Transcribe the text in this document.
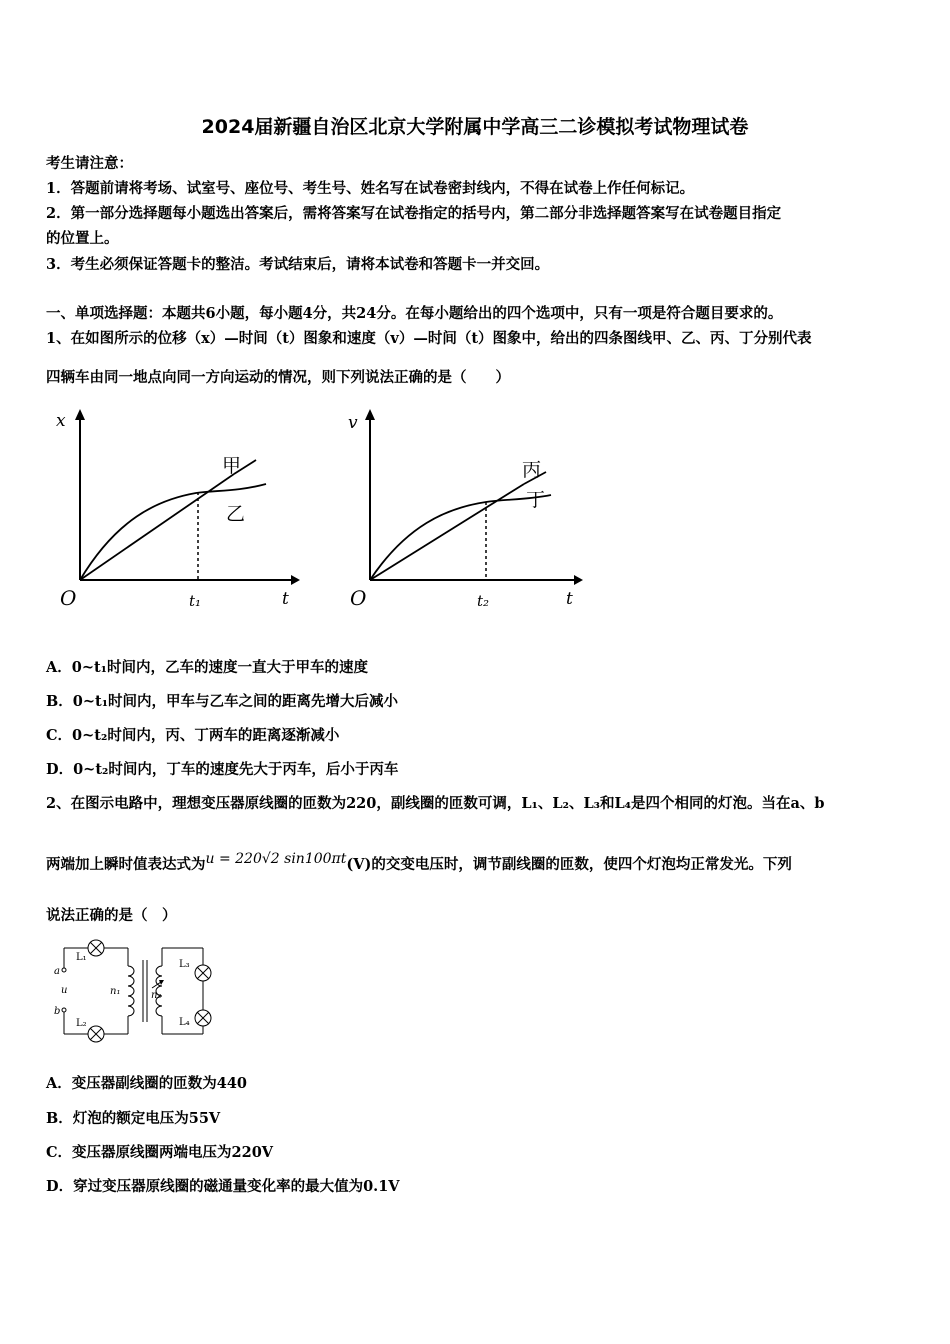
2024届新疆自治区北京大学附属中学高三二诊模拟考试物理试卷
考生请注意：
1．答题前请将考场、试室号、座位号、考生号、姓名写在试卷密封线内，不得在试卷上作任何标记。
2．第一部分选择题每小题选出答案后，需将答案写在试卷指定的括号内，第二部分非选择题答案写在试卷题目指定
的位置上。
3．考生必须保证答题卡的整洁。考试结束后，请将本试卷和答题卡一并交回。
一、单项选择题：本题共6小题，每小题4分，共24分。在每小题给出的四个选项中，只有一项是符合题目要求的。
1、在如图所示的位移（x）—时间（t）图象和速度（v）—时间（t）图象中，给出的四条图线甲、乙、丙、丁分别代表
四辆车由同一地点向同一方向运动的情况，则下列说法正确的是（　　）
x
t
O	t₁
甲
乙
v
t
O	t₂
丙
丁
A．0~t₁时间内，乙车的速度一直大于甲车的速度
B．0~t₁时间内，甲车与乙车之间的距离先增大后减小
C．0~t₂时间内，丙、丁两车的距离逐渐减小
D．0~t₂时间内，丁车的速度先大于丙车，后小于丙车
2、在图示电路中，理想变压器原线圈的匝数为220，副线圈的匝数可调，L₁、L₂、L₃和L₄是四个相同的灯泡。当在a、b
两端加上瞬时值表达式为u = 220√2 sin100πt(V)的交变电压时，调节副线圈的匝数，使四个灯泡均正常发光。下列
说法正确的是（　）
L₁
L₂
L₃
L₄
a
b
u	n₁	n₂
A．变压器副线圈的匝数为440
B．灯泡的额定电压为55V
C．变压器原线圈两端电压为220V
D．穿过变压器原线圈的磁通量变化率的最大值为0.1V
